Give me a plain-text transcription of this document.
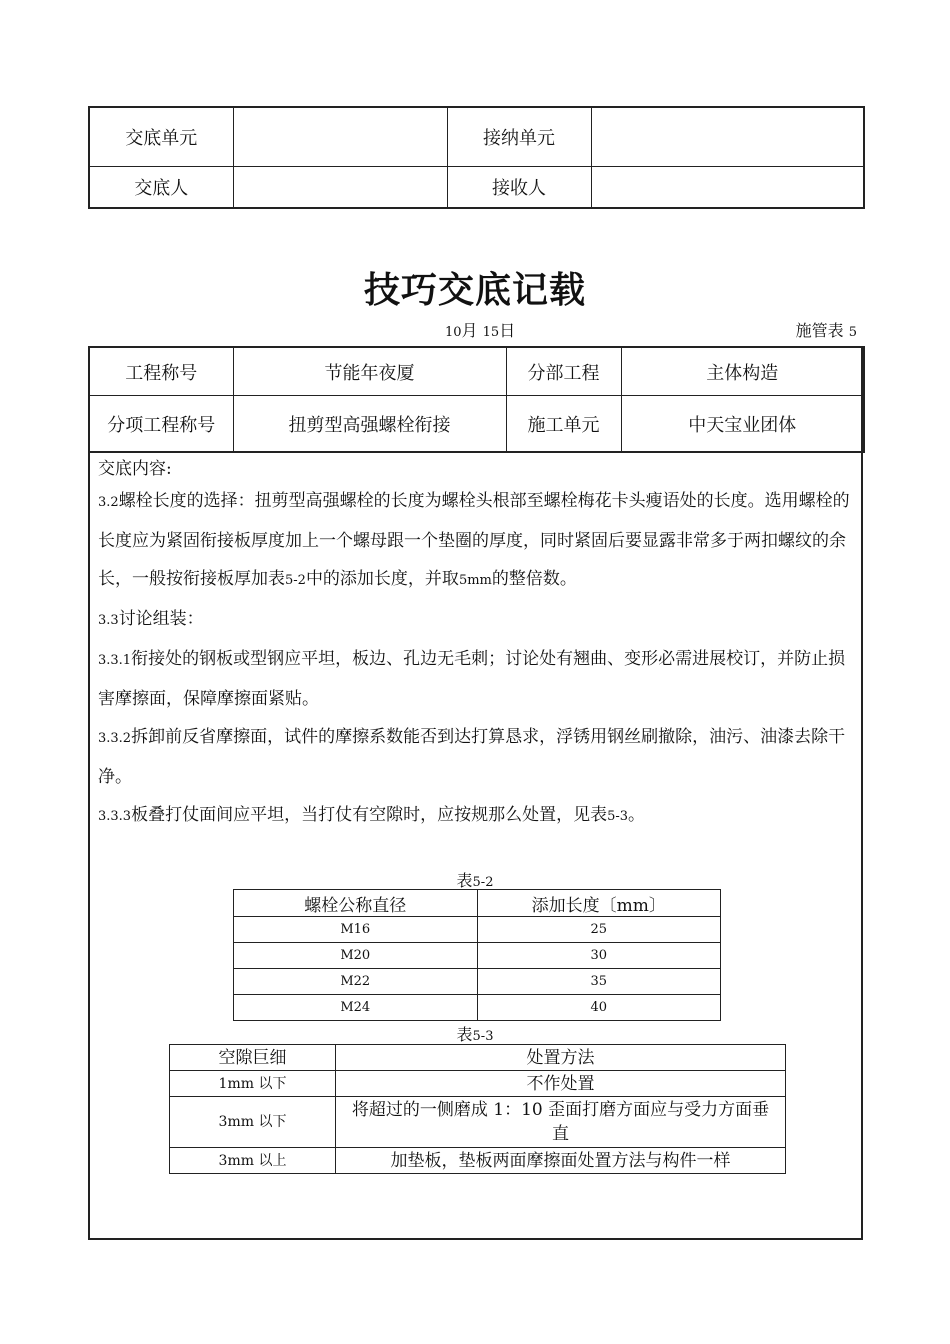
交底单元		接纳单元	
交底人		接收人	
技巧交底记载
10月 15日	施管表 5
工程称号	节能年夜厦	分部工程	主体构造
分项工程称号	扭剪型高强螺栓衔接	施工单元	中天宝业团体

交底内容:

3.2螺栓长度的选择：扭剪型高强螺栓的长度为螺栓头根部至螺栓梅花卡头瘦语处的长度。选用螺栓的长度应为紧固衔接板厚度加上一个螺母跟一个垫圈的厚度，同时紧固后要显露非常多于两扣螺纹的余长，一般按衔接板厚加表5-2中的添加长度，并取5mm的整倍数。

3.3讨论组装：

3.3.1衔接处的钢板或型钢应平坦，板边、孔边无毛刺；讨论处有翘曲、变形必需进展校订，并防止损害摩擦面，保障摩擦面紧贴。

3.3.2拆卸前反省摩擦面，试件的摩擦系数能否到达打算恳求，浮锈用钢丝刷撤除，油污、油漆去除干净。

3.3.3板叠打仗面间应平坦，当打仗有空隙时，应按规那么处置，见表5-3。

表5-2
螺栓公称直径	添加长度〔mm〕
M16	25
M20	30
M22	35
M24	40
表5-3
空隙巨细	处置方法
1mm 以下	不作处置
3mm 以下	将超过的一侧磨成 1：10 歪面打磨方面应与受力方面垂直
3mm 以上	加垫板，垫板两面摩擦面处置方法与构件一样
